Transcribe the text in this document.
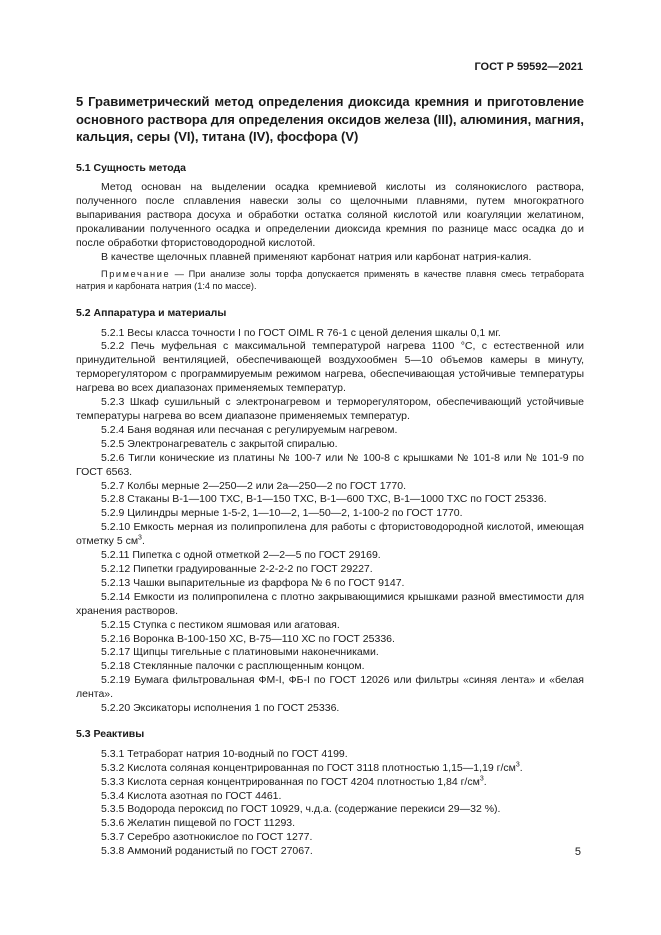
ГОСТ Р 59592—2021
5 Гравиметрический метод определения диоксида кремния и приготовление основного раствора для определения оксидов железа (III), алюминия, магния, кальция, серы (VI), титана (IV), фосфора (V)
5.1 Сущность метода

Метод основан на выделении осадка кремниевой кислоты из солянокислого раствора, полученного после сплавления навески золы со щелочными плавнями, путем многократного выпаривания раствора досуха и обработки остатка соляной кислотой или коагуляции желатином, прокаливании полученного осадка и определении диоксида кремния по разнице масс осадка до и после обработки фтористоводородной кислотой.

В качестве щелочных плавней применяют карбонат натрия или карбонат натрия-калия.

Примечание — При анализе золы торфа допускается применять в качестве плавня смесь тетрабората натрия и карбоната натрия (1:4 по массе).

5.2 Аппаратура и материалы

5.2.1 Весы класса точности I по ГОСТ OIML R 76-1 с ценой деления шкалы 0,1 мг.

5.2.2 Печь муфельная с максимальной температурой нагрева 1100 °С, с естественной или принудительной вентиляцией, обеспечивающей воздухообмен 5—10 объемов камеры в минуту, терморегулятором с программируемым режимом нагрева, обеспечивающая устойчивые температуры нагрева во всех диапазонах применяемых температур.

5.2.3 Шкаф сушильный с электронагревом и терморегулятором, обеспечивающий устойчивые температуры нагрева во всем диапазоне применяемых температур.

5.2.4 Баня водяная или песчаная с регулируемым нагревом.

5.2.5 Электронагреватель с закрытой спиралью.

5.2.6 Тигли конические из платины № 100-7 или № 100-8 с крышками № 101-8 или № 101-9 по ГОСТ 6563.

5.2.7 Колбы мерные 2—250—2 или 2а—250—2 по ГОСТ 1770.

5.2.8 Стаканы В-1—100 ТХС, В-1—150 ТХС, В-1—600 ТХС, В-1—1000 ТХС по ГОСТ 25336.

5.2.9 Цилиндры мерные 1-5-2, 1—10—2, 1—50—2, 1-100-2 по ГОСТ 1770.

5.2.10 Емкость мерная из полипропилена для работы с фтористоводородной кислотой, имеющая отметку 5 $см^3$.

5.2.11 Пипетка с одной отметкой 2—2—5 по ГОСТ 29169.

5.2.12 Пипетки градуированные 2-2-2-2 по ГОСТ 29227.

5.2.13 Чашки выпарительные из фарфора № 6 по ГОСТ 9147.

5.2.14 Емкости из полипропилена с плотно закрывающимися крышками разной вместимости для хранения растворов.

5.2.15 Ступка с пестиком яшмовая или агатовая.

5.2.16 Воронка В-100-150 ХС, В-75—110 ХС по ГОСТ 25336.

5.2.17 Щипцы тигельные с платиновыми наконечниками.

5.2.18 Стеклянные палочки с расплющенным концом.

5.2.19 Бумага фильтровальная ФМ-І, ФБ-І по ГОСТ 12026 или фильтры «синяя лента» и «белая лента».

5.2.20 Эксикаторы исполнения 1 по ГОСТ 25336.

5.3 Реактивы

5.3.1 Тетраборат натрия 10-водный по ГОСТ 4199.

5.3.2 Кислота соляная концентрированная по ГОСТ 3118 плотностью 1,15—1,19 $г/см^3$.

5.3.3 Кислота серная концентрированная по ГОСТ 4204 плотностью 1,84 $г/см^3$.

5.3.4 Кислота азотная по ГОСТ 4461.

5.3.5 Водорода пероксид по ГОСТ 10929, ч.д.а. (содержание перекиси 29—32 %).

5.3.6 Желатин пищевой по ГОСТ 11293.

5.3.7 Серебро азотнокислое по ГОСТ 1277.

5.3.8 Аммоний роданистый по ГОСТ 27067.	5
